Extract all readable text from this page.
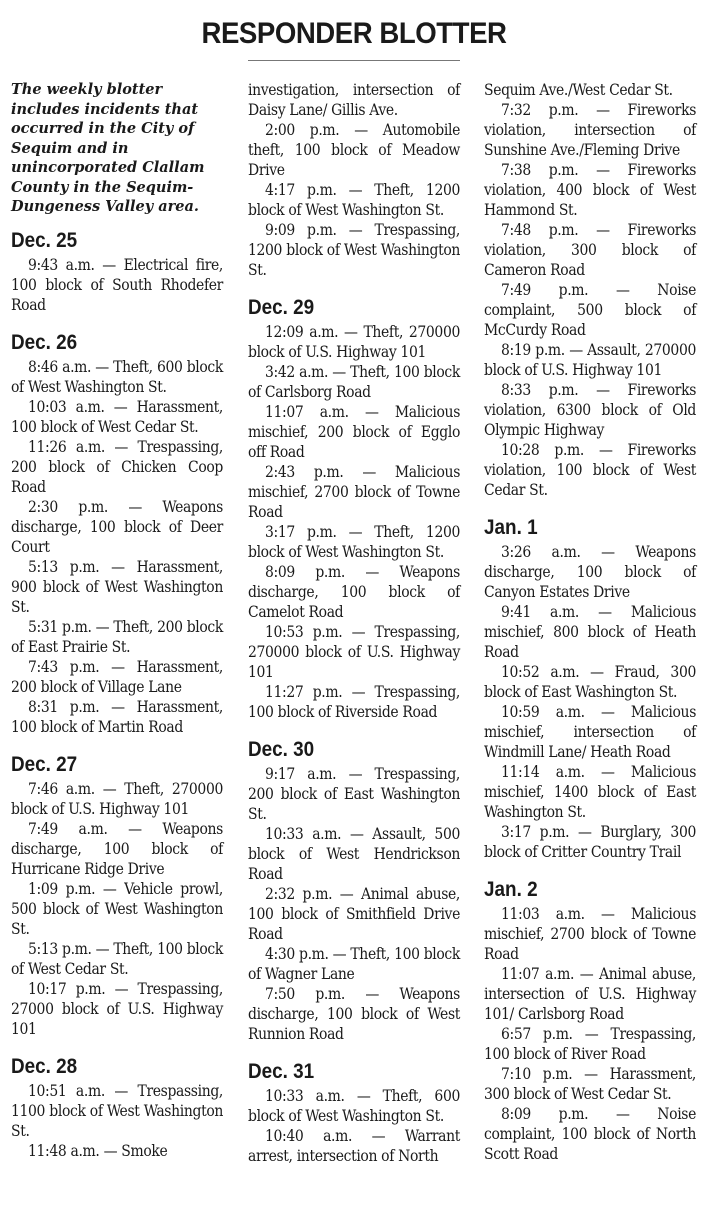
RESPONDER BLOTTER

The weekly blotter includes incidents that occurred in the City of Sequim and in unincorporated Clallam County in the Sequim-Dungeness Valley area.

Dec. 25

9:43 a.m. — Electrical fire, 100 block of South Rhodefer Road

Dec. 26

8:46 a.m. — Theft, 600 block of West Washington St.

10:03 a.m. — Harassment, 100 block of West Cedar St.

11:26 a.m. — Trespassing, 200 block of Chicken Coop Road

2:30 p.m. — Weapons discharge, 100 block of Deer Court

5:13 p.m. — Harassment, 900 block of West Washington St.

5:31 p.m. — Theft, 200 block of East Prairie St.

7:43 p.m. — Harassment, 200 block of Village Lane

8:31 p.m. — Harassment, 100 block of Martin Road

Dec. 27

7:46 a.m. — Theft, 270000 block of U.S. Highway 101

7:49 a.m. — Weapons discharge, 100 block of Hurricane Ridge Drive

1:09 p.m. — Vehicle prowl, 500 block of West Washington St.

5:13 p.m. — Theft, 100 block of West Cedar St.

10:17 p.m. — Trespassing, 27000 block of U.S. Highway 101

Dec. 28

10:51 a.m. — Trespassing, 1100 block of West Washington St.

11:48 a.m. — Smoke

investigation, intersection of Daisy Lane/ Gillis Ave.

2:00 p.m. — Automobile theft, 100 block of Meadow Drive

4:17 p.m. — Theft, 1200 block of West Washington St.

9:09 p.m. — Trespassing, 1200 block of West Washington St.

Dec. 29

12:09 a.m. — Theft, 270000 block of U.S. Highway 101

3:42 a.m. — Theft, 100 block of Carlsborg Road

11:07 a.m. — Malicious mischief, 200 block of Egglo off Road

2:43 p.m. — Malicious mischief, 2700 block of Towne Road

3:17 p.m. — Theft, 1200 block of West Washington St.

8:09 p.m. — Weapons discharge, 100 block of Camelot Road

10:53 p.m. — Trespassing, 270000 block of U.S. Highway 101

11:27 p.m. — Trespassing, 100 block of Riverside Road

Dec. 30

9:17 a.m. — Trespassing, 200 block of East Washington St.

10:33 a.m. — Assault, 500 block of West Hendrickson Road

2:32 p.m. — Animal abuse, 100 block of Smithfield Drive Road

4:30 p.m. — Theft, 100 block of Wagner Lane

7:50 p.m. — Weapons discharge, 100 block of West Runnion Road

Dec. 31

10:33 a.m. — Theft, 600 block of West Washington St.

10:40 a.m. — Warrant arrest, intersection of North

Sequim Ave./West Cedar St.

7:32 p.m. — Fireworks violation, intersection of Sunshine Ave./Fleming Drive

7:38 p.m. — Fireworks violation, 400 block of West Hammond St.

7:48 p.m. — Fireworks violation, 300 block of Cameron Road

7:49 p.m. — Noise complaint, 500 block of McCurdy Road

8:19 p.m. — Assault, 270000 block of U.S. Highway 101

8:33 p.m. — Fireworks violation, 6300 block of Old Olympic Highway

10:28 p.m. — Fireworks violation, 100 block of West Cedar St.

Jan. 1

3:26 a.m. — Weapons discharge, 100 block of Canyon Estates Drive

9:41 a.m. — Malicious mischief, 800 block of Heath Road

10:52 a.m. — Fraud, 300 block of East Washington St.

10:59 a.m. — Malicious mischief, intersection of Windmill Lane/ Heath Road

11:14 a.m. — Malicious mischief, 1400 block of East Washington St.

3:17 p.m. — Burglary, 300 block of Critter Country Trail

Jan. 2

11:03 a.m. — Malicious mischief, 2700 block of Towne Road

11:07 a.m. — Animal abuse, intersection of U.S. Highway 101/ Carlsborg Road

6:57 p.m. — Trespassing, 100 block of River Road

7:10 p.m. — Harassment, 300 block of West Cedar St.

8:09 p.m. — Noise complaint, 100 block of North Scott Road
